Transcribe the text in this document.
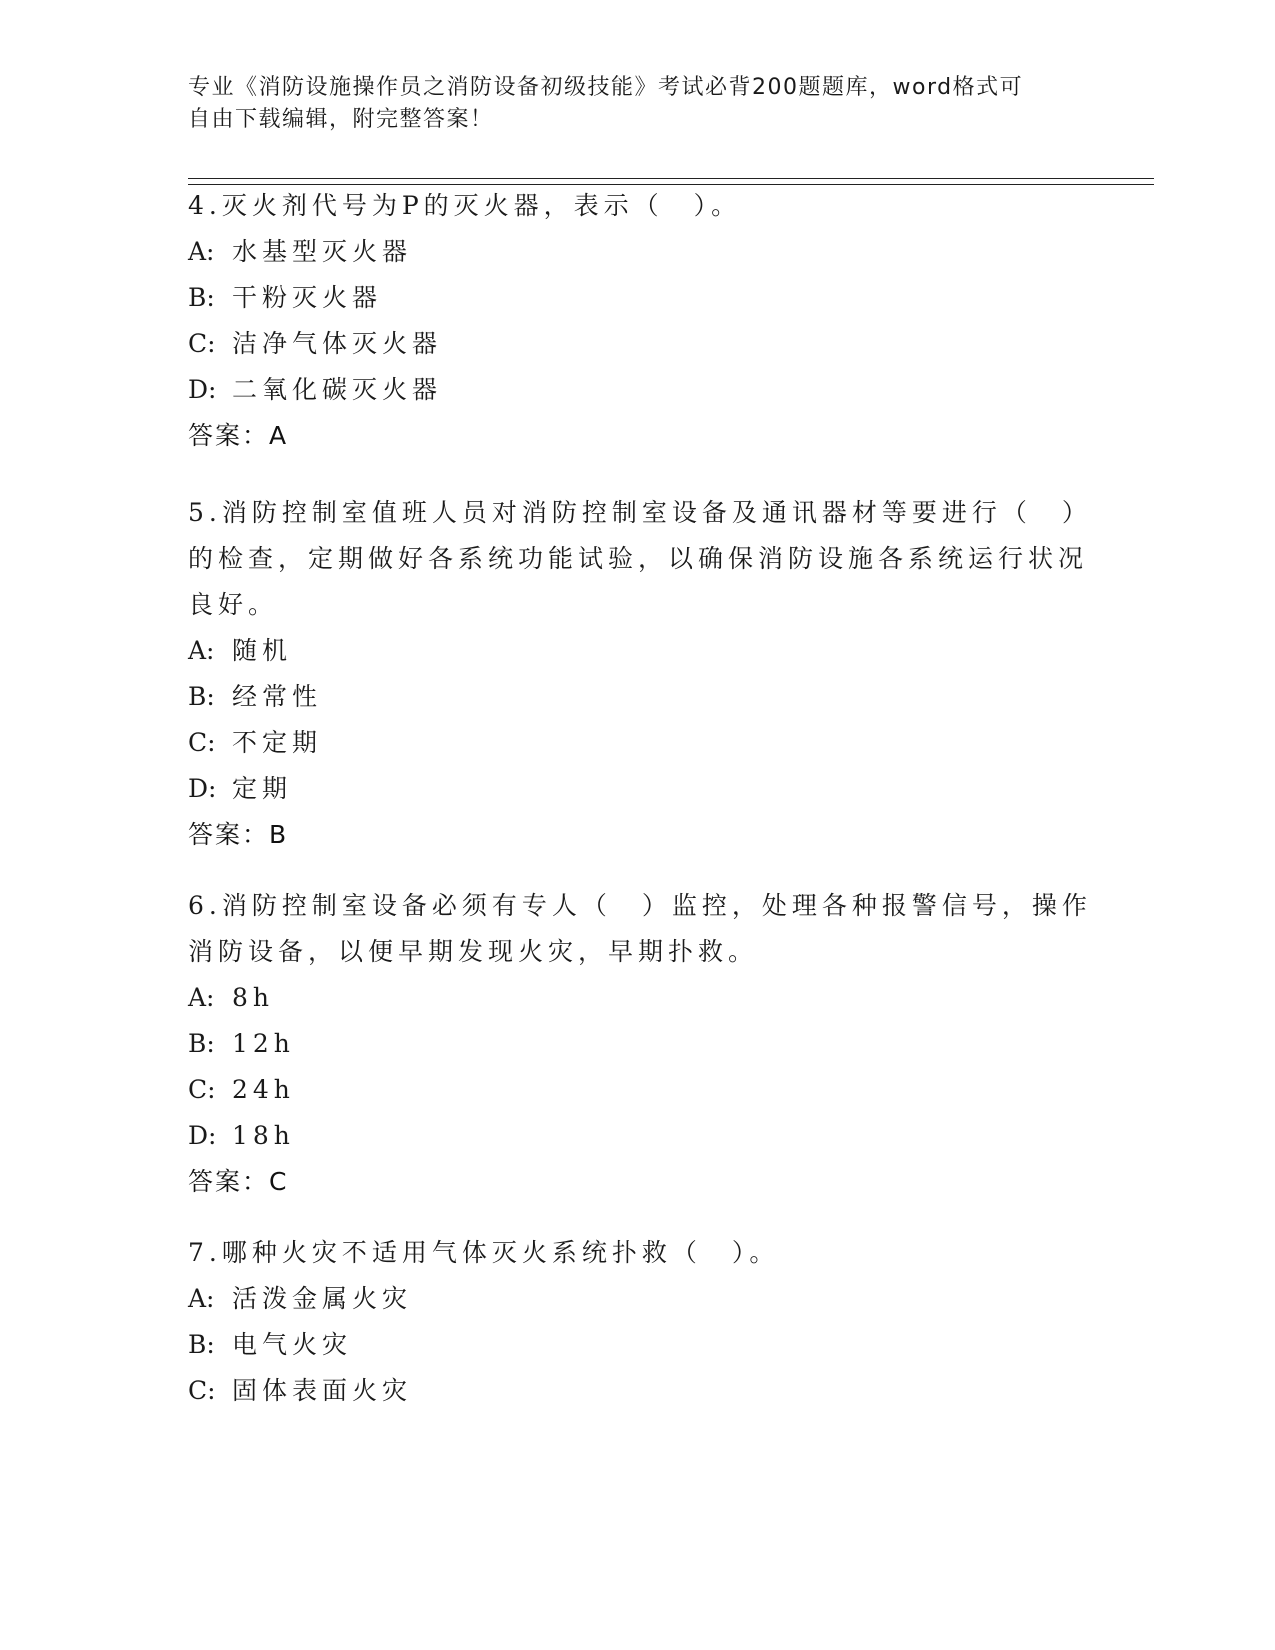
专业《消防设施操作员之消防设备初级技能》考试必背200题题库，word格式可
自由下载编辑，附完整答案！
4.灭火剂代号为P的灭火器，表示（　）。
A: 水基型灭火器
B: 干粉灭火器
C: 洁净气体灭火器
D: 二氧化碳灭火器
答案：A
5.消防控制室值班人员对消防控制室设备及通讯器材等要进行（　）
的检查，定期做好各系统功能试验，以确保消防设施各系统运行状况
良好。
A: 随机
B: 经常性
C: 不定期
D: 定期
答案：B
6.消防控制室设备必须有专人（　）监控，处理各种报警信号，操作
消防设备，以便早期发现火灾，早期扑救。
A: 8h
B: 12h
C: 24h
D: 18h
答案：C
7.哪种火灾不适用气体灭火系统扑救（　）。
A: 活泼金属火灾
B: 电气火灾
C: 固体表面火灾
